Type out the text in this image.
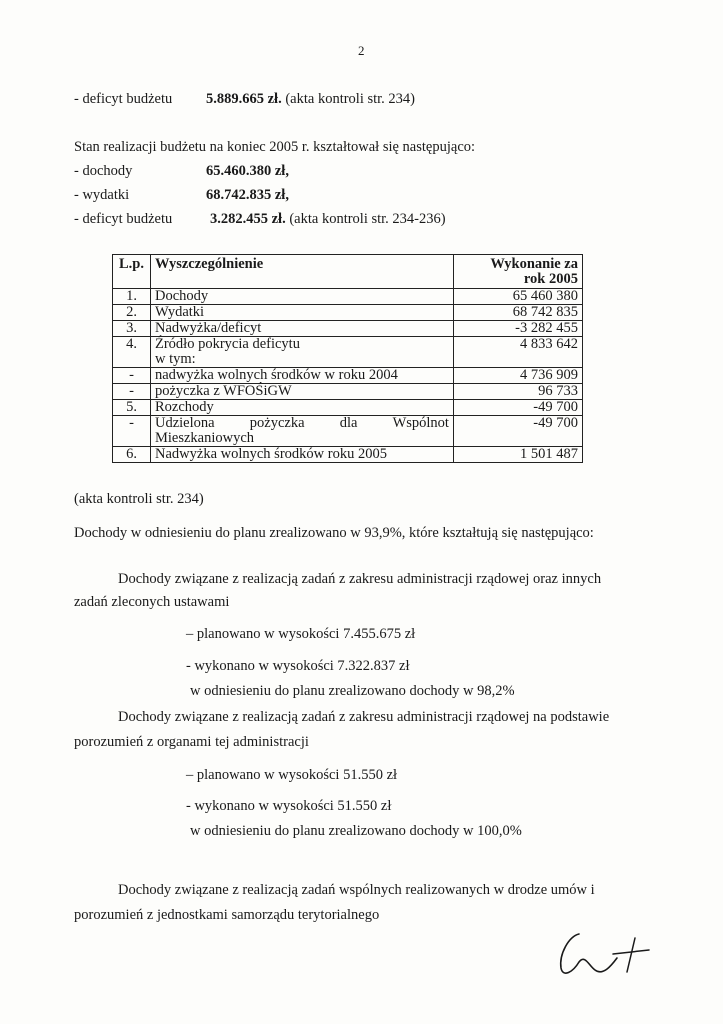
2
- deficyt budżetu 5.889.665 zł. (akta kontroli str. 234)
Stan realizacji budżetu na koniec 2005 r. kształtował się następująco:
- dochody	65.460.380 zł,
- wydatki	68.742.835 zł,
- deficyt budżetu	3.282.455 zł. (akta kontroli str. 234-236)
L.p.	Wyszczególnienie	Wykonanie za
rok 2005

1.	Dochody	65 460 380
2.	Wydatki	68 742 835
3.	Nadwyżka/deficyt	-3 282 455
4.	Źródło pokrycia deficytu
w tym:	4 833 642
-	nadwyżka wolnych środków w roku 2004	4 736 909
-	pożyczka z WFOŚiGW	96 733
5.	Rozchody	-49 700
-	Udzielona pożyczka dla Wspólnot
Mieszkaniowych	-49 700
6.	Nadwyżka wolnych środków roku 2005	1 501 487
(akta kontroli str. 234)
Dochody w odniesieniu do planu zrealizowano w 93,9%, które kształtują się następująco:
Dochody związane z realizacją zadań z zakresu administracji rządowej oraz innych
zadań zleconych ustawami
– planowano w wysokości 7.455.675 zł
- wykonano w wysokości 7.322.837 zł
w odniesieniu do planu zrealizowano dochody w 98,2%
Dochody związane z realizacją zadań z zakresu administracji rządowej na podstawie
porozumień z organami tej administracji
– planowano w wysokości 51.550 zł
- wykonano w wysokości 51.550 zł
w odniesieniu do planu zrealizowano dochody w 100,0%
Dochody związane z realizacją zadań wspólnych realizowanych w drodze umów i
porozumień z jednostkami samorządu terytorialnego
